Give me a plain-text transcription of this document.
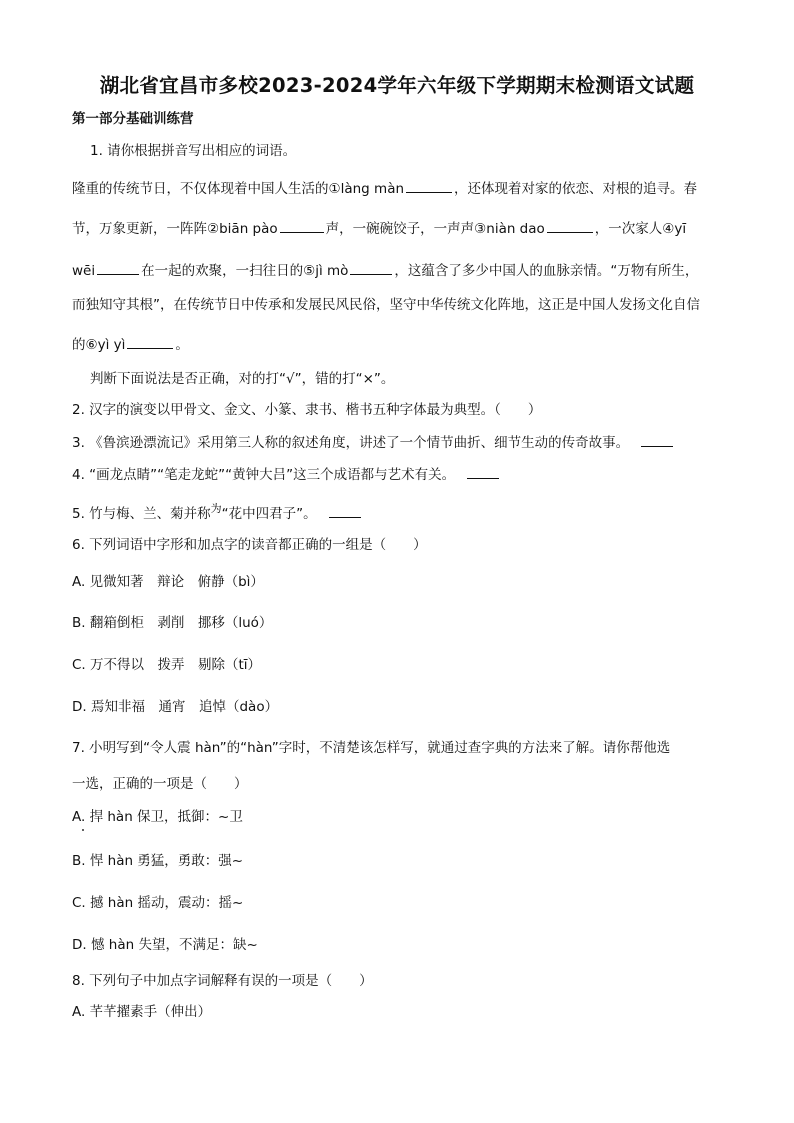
湖北省宜昌市多校2023-2024学年六年级下学期期末检测语文试题
第一部分基础训练营
1. 请你根据拼音写出相应的词语。
隆重的传统节日，不仅体现着中国人生活的①làng màn	，还体现着对家的依恋、对根的追寻。春
节，万象更新，一阵阵②biān pào	声，一碗碗饺子，一声声③niàn dao	，一次家人④yī
wēi	在一起的欢聚，一扫往日的⑤jì mò	，这蕴含了多少中国人的血脉亲情。“万物有所生，
而独知守其根”，在传统节日中传承和发展民风民俗，坚守中华传统文化阵地，这正是中国人发扬文化自信
的⑥yì yì	。
判断下面说法是否正确，对的打“√”，错的打“×”。
2. 汉字的演变以甲骨文、金文、小篆、隶书、楷书五种字体最为典型。（　　）
3. 《鲁滨逊漂流记》采用第三人称的叙述角度，讲述了一个情节曲折、细节生动的传奇故事。
4. “画龙点睛”“笔走龙蛇”“黄钟大吕”这三个成语都与艺术有关。
5. 竹与梅、兰、菊并称$^为$“花中四君子”。
6. 下列词语中字形和加点字的读音都正确的一组是（　　）
A. 见微知著　辩论　俯静（bì）
B. 翻箱倒柜　剥削　挪移（luó）
C. 万不得以　拨弄　剔除（tī）
D. 焉知非福　通宵　追悼（dào）
7. 小明写到“令人震 hàn”的“hàn”字时，不清楚该怎样写，就通过查字典的方法来了解。请你帮他选
一选，正确的一项是（　　）
A. 捍 hàn 保卫，抵御：~卫
B. 悍 hàn 勇猛，勇敢：强~
C. 撼 hàn 摇动，震动：摇~
D. 憾 hàn 失望，不满足：缺~
8. 下列句子中加点字词解释有误的一项是（　　）
A. 芊芊擢素手（伸出）
